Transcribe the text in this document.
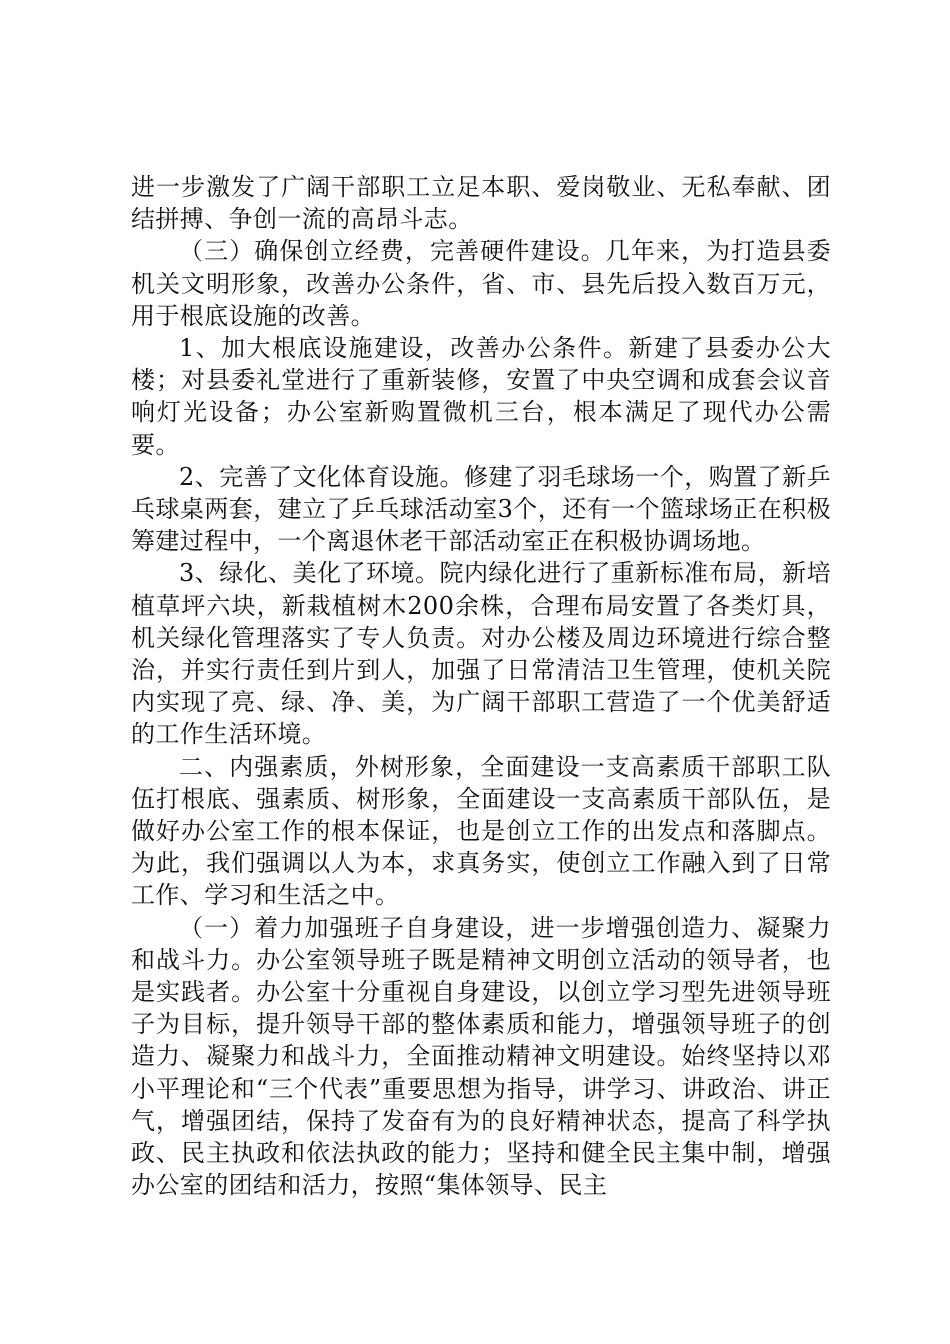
进一步激发了广阔干部职工立足本职、爱岗敬业、无私奉献、团结拼搏、争创一流的高昂斗志。

（三）确保创立经费，完善硬件建设。几年来，为打造县委机关文明形象，改善办公条件，省、市、县先后投入数百万元，用于根底设施的改善。

1、加大根底设施建设，改善办公条件。新建了县委办公大楼；对县委礼堂进行了重新装修，安置了中央空调和成套会议音响灯光设备；办公室新购置微机三台，根本满足了现代办公需要。

2、完善了文化体育设施。修建了羽毛球场一个，购置了新乒乓球桌两套，建立了乒乓球活动室3个，还有一个篮球场正在积极筹建过程中，一个离退休老干部活动室正在积极协调场地。

3、绿化、美化了环境。院内绿化进行了重新标准布局，新培植草坪六块，新栽植树木200余株，合理布局安置了各类灯具，机关绿化管理落实了专人负责。对办公楼及周边环境进行综合整治，并实行责任到片到人，加强了日常清洁卫生管理，使机关院内实现了亮、绿、净、美，为广阔干部职工营造了一个优美舒适的工作生活环境。

二、内强素质，外树形象，全面建设一支高素质干部职工队伍打根底、强素质、树形象，全面建设一支高素质干部队伍，是做好办公室工作的根本保证，也是创立工作的出发点和落脚点。为此，我们强调以人为本，求真务实，使创立工作融入到了日常工作、学习和生活之中。

（一）着力加强班子自身建设，进一步增强创造力、凝聚力和战斗力。办公室领导班子既是精神文明创立活动的领导者，也是实践者。办公室十分重视自身建设，以创立学习型先进领导班子为目标，提升领导干部的整体素质和能力，增强领导班子的创造力、凝聚力和战斗力，全面推动精神文明建设。始终坚持以邓小平理论和“三个代表”重要思想为指导，讲学习、讲政治、讲正气，增强团结，保持了发奋有为的良好精神状态，提高了科学执政、民主执政和依法执政的能力；坚持和健全民主集中制，增强办公室的团结和活力，按照“集体领导、民主
